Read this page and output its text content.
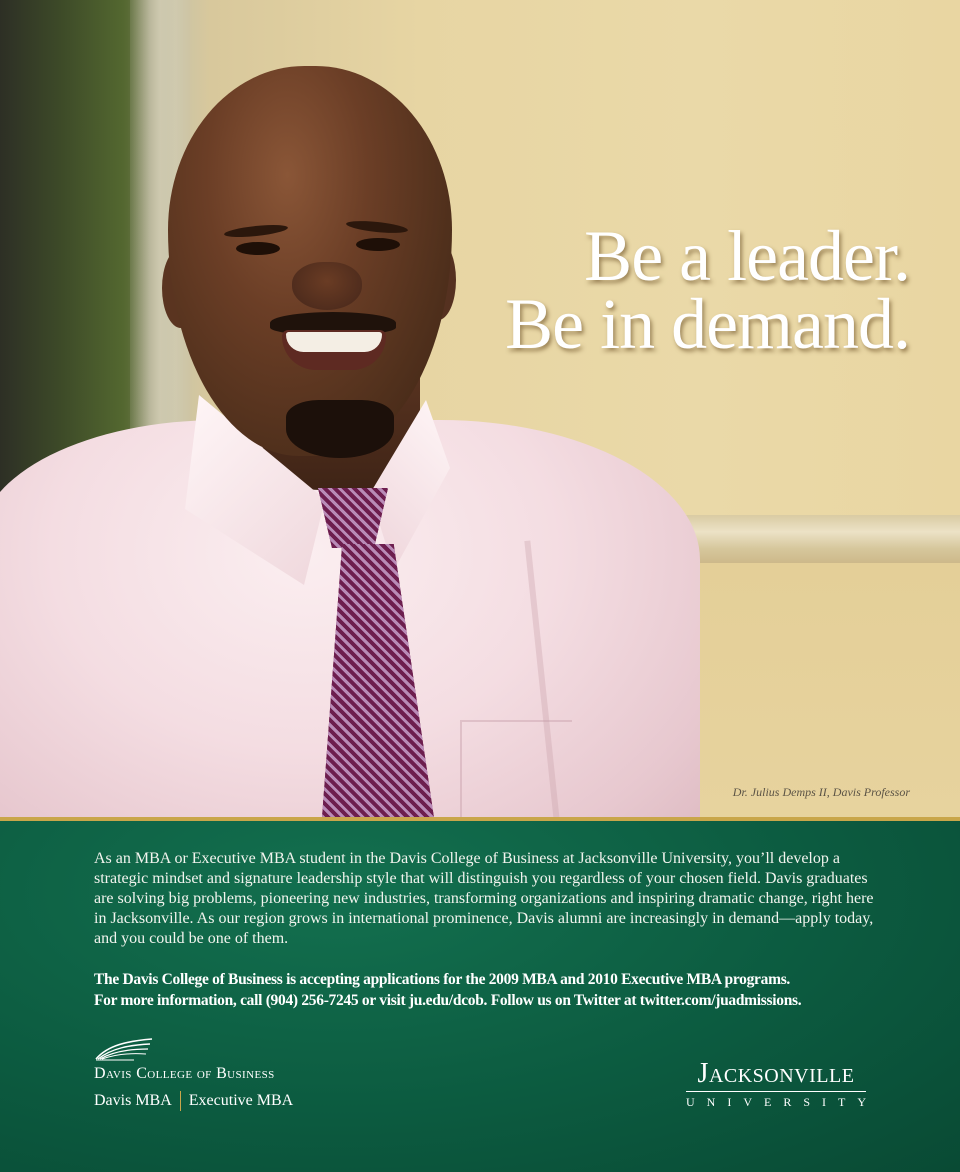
Be a leader.
Be in demand.
Dr. Julius Demps II, Davis Professor

As an MBA or Executive MBA student in the Davis College of Business at Jacksonville University, you’ll develop a strategic mindset and signature leadership style that will distinguish you regardless of your chosen field. Davis graduates are solving big problems, pioneering new industries, transforming organizations and inspiring dramatic change, right here in Jacksonville. As our region grows in international prominence, Davis alumni are increasingly in demand—apply today, and you could be one of them.

The Davis College of Business is accepting applications for the 2009 MBA and 2010 Executive MBA programs.
For more information, call (904) 256-7245 or visit ju.edu/dcob. Follow us on Twitter at twitter.com/juadmissions.
Davis College of Business
Davis MBA Executive MBA
Jacksonville
UNIVERSITY
